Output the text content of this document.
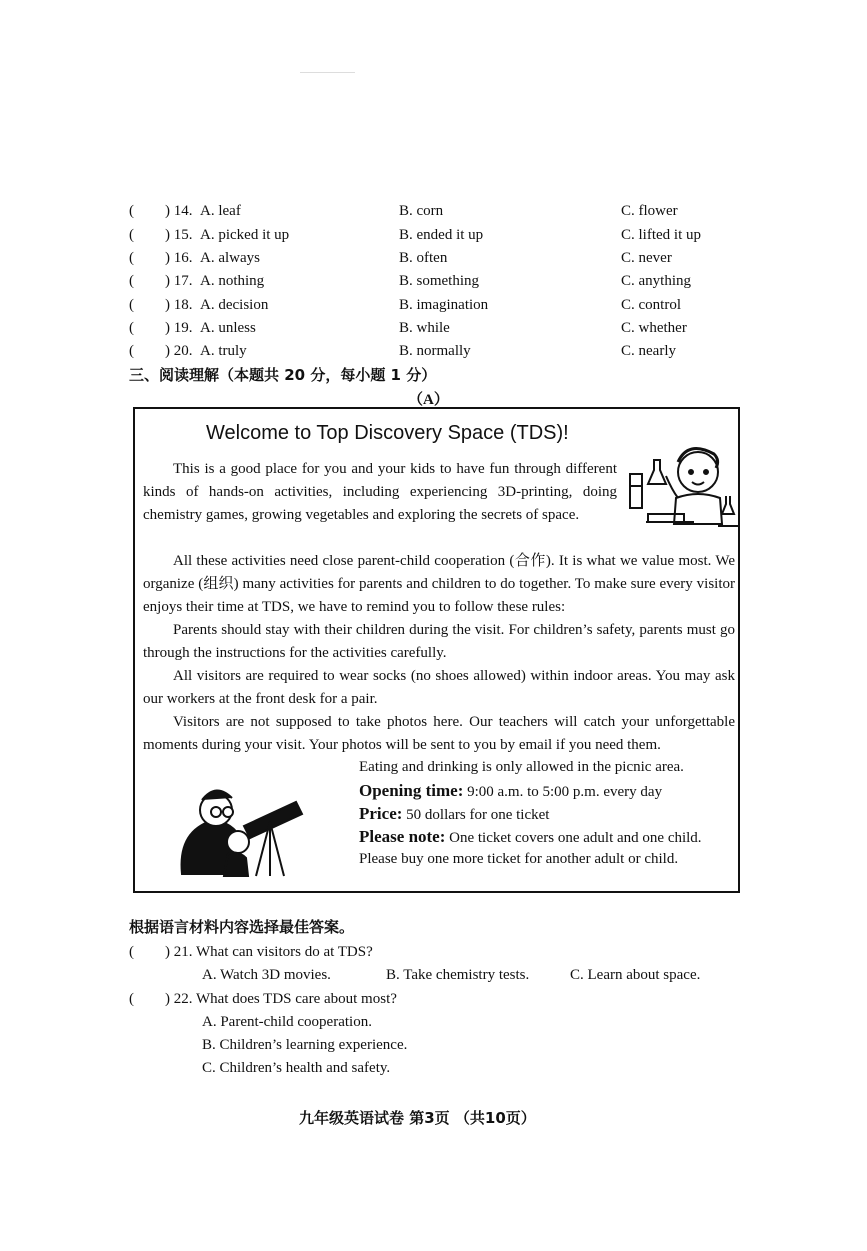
( ) 14. A. leaf	B. corn	C. flower
( ) 15. A. picked it up	B. ended it up	C. lifted it up
( ) 16. A. always	B. often	C. never
( ) 17. A. nothing	B. something	C. anything
( ) 18. A. decision	B. imagination	C. control
( ) 19. A. unless	B. while	C. whether
( ) 20. A. truly	B. normally	C. nearly
三、阅读理解（本题共 20 分，每小题 1 分）
（A）
Welcome to Top Discovery Space (TDS)!
This is a good place for you and your kids to have fun through different kinds of hands-on activities, including experiencing 3D-printing, doing chemistry games, growing vegetables and exploring the secrets of space.
All these activities need close parent-child cooperation (合作). It is what we value most. We organize (组织) many activities for parents and children to do together. To make sure every visitor enjoys their time at TDS, we have to remind you to follow these rules:
Parents should stay with their children during the visit. For children’s safety, parents must go through the instructions for the activities carefully.
All visitors are required to wear socks (no shoes allowed) within indoor areas. You may ask our workers at the front desk for a pair.
Visitors are not supposed to take photos here. Our teachers will catch your unforgettable moments during your visit. Your photos will be sent to you by email if you need them.
Eating and drinking is only allowed in the picnic area.
Opening time: 9:00 a.m. to 5:00 p.m. every day
Price: 50 dollars for one ticket
Please note: One ticket covers one adult and one child.
Please buy one more ticket for another adult or child.
根据语言材料内容选择最佳答案。
( ) 21. What can visitors do at TDS?
A. Watch 3D movies.	B. Take chemistry tests.	C. Learn about space.
( ) 22. What does TDS care about most?
A. Parent-child cooperation.
B. Children’s learning experience.
C. Children’s health and safety.
九年级英语试卷 第3页 （共10页）
